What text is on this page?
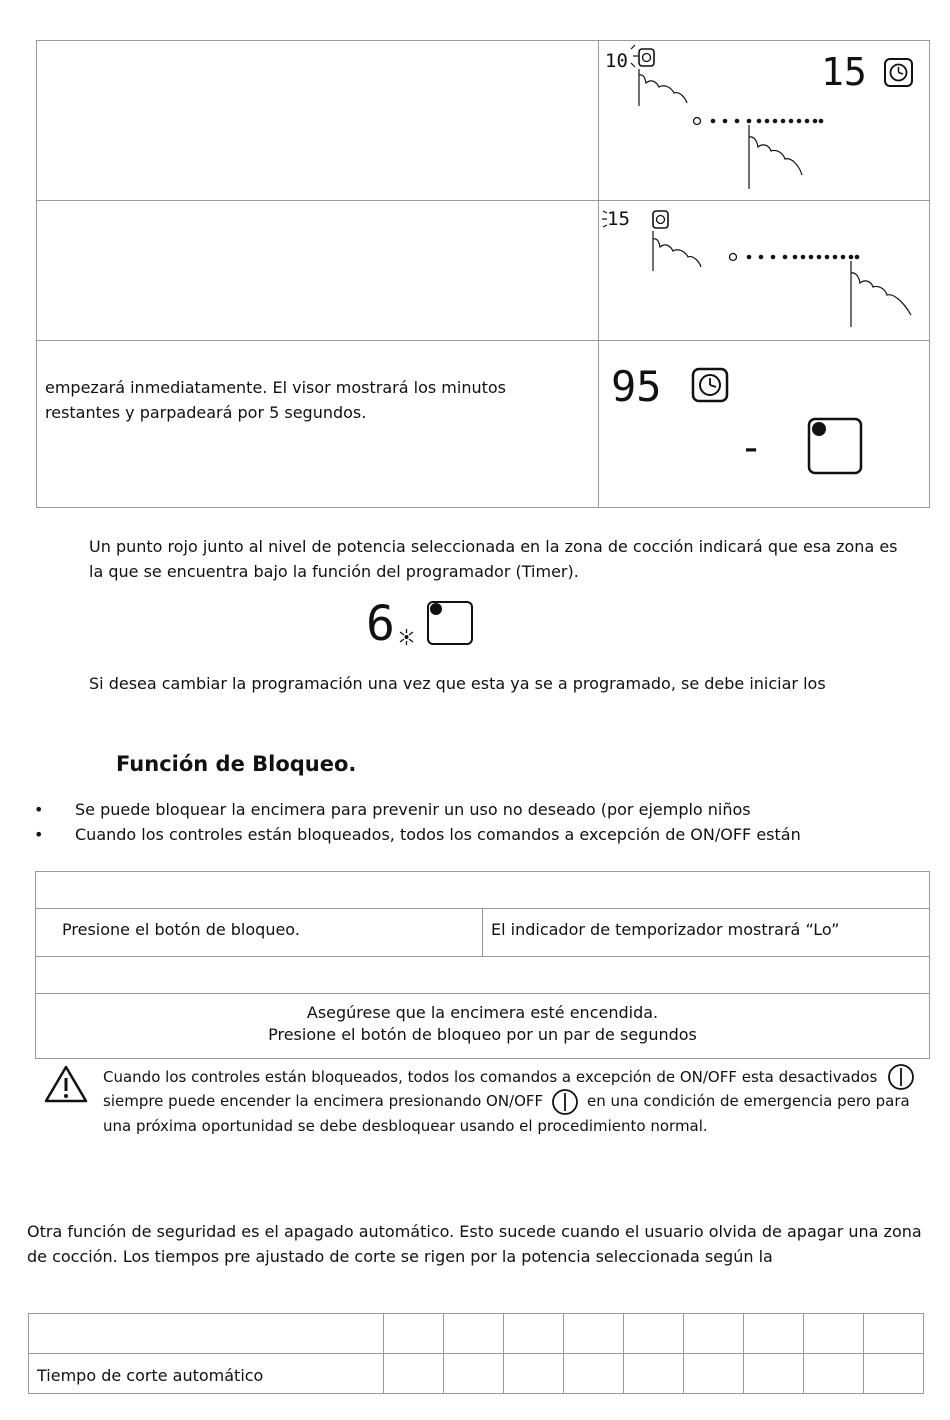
10 15

15

empezará inmediatamente. El visor mostrará los minutos restantes y parpadeará por 5 segundos.	95
-
Un punto rojo junto al nivel de potencia seleccionada en la zona de cocción indicará que esa zona es la que se encuentra bajo la función del programador (Timer).
6
Si desea cambiar la programación una vez que esta ya se a programado, se debe iniciar los
Función de Bloqueo.
• Se puede bloquear la encimera para prevenir un uso no deseado (por ejemplo niños
• Cuando los controles están bloqueados, todos los comandos a excepción de ON/OFF están

Presione el botón de bloqueo.	El indicador de temporizador mostrará “Lo”

Asegúrese que la encimera esté encendida.
Presione el botón de bloqueo por un par de segundos
Cuando los controles están bloqueados, todos los comandos a excepción de ON/OFF esta desactivados
siempre puede encender la encimera presionando ON/OFF	en una condición de emergencia pero para
una próxima oportunidad se debe desbloquear usando el procedimiento normal.
Otra función de seguridad es el apagado automático. Esto sucede cuando el usuario olvida de apagar una zona de cocción. Los tiempos pre ajustado de corte se rigen por la potencia seleccionada según la

Tiempo de corte automático									
